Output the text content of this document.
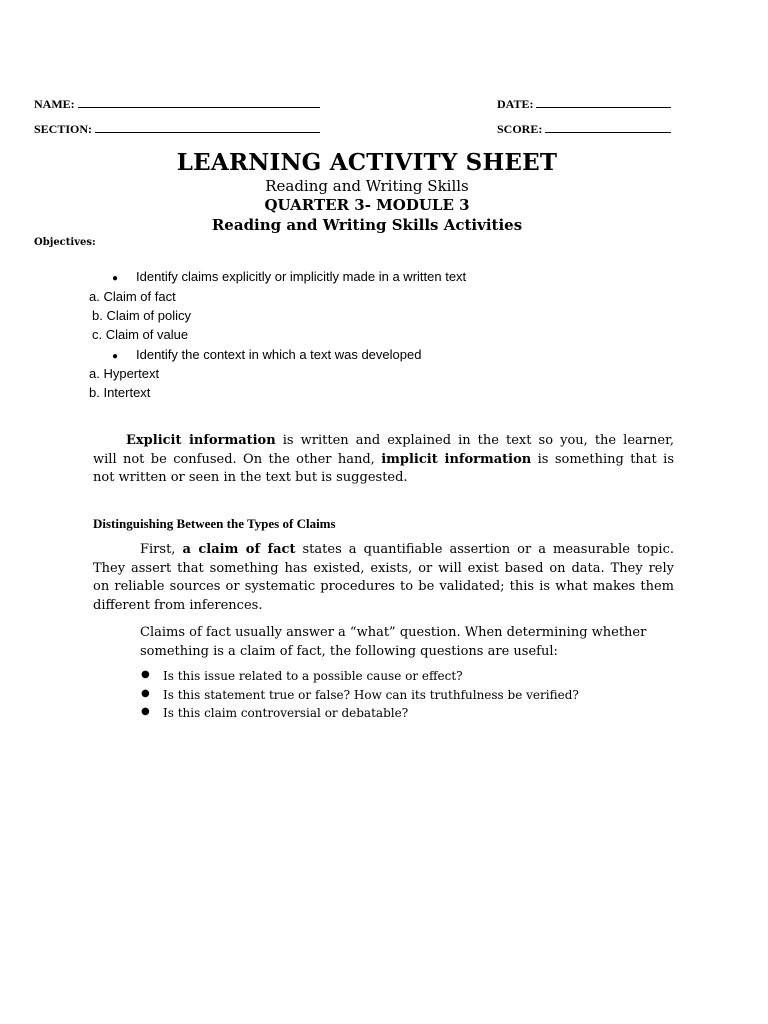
NAME:	DATE:
SECTION:	SCORE:
LEARNING ACTIVITY SHEET
Reading and Writing Skills
QUARTER 3- MODULE 3
Reading and Writing Skills Activities
Objectives:
● Identify claims explicitly or implicitly made in a written text
a. Claim of fact
b. Claim of policy
c. Claim of value
● Identify the context in which a text was developed
a. Hypertext
b. Intertext
Explicit information is written and explained in the text so you, the learner,
will not be confused. On the other hand, implicit information is something that is
not written or seen in the text but is suggested.
Distinguishing Between the Types of Claims
First, a claim of fact states a quantifiable assertion or a measurable topic.
They assert that something has existed, exists, or will exist based on data. They rely
on reliable sources or systematic procedures to be validated; this is what makes them
different from inferences.
Claims of fact usually answer a “what” question. When determining whether
something is a claim of fact, the following questions are useful:
● Is this issue related to a possible cause or effect?
● Is this statement true or false? How can its truthfulness be verified?
● Is this claim controversial or debatable?
